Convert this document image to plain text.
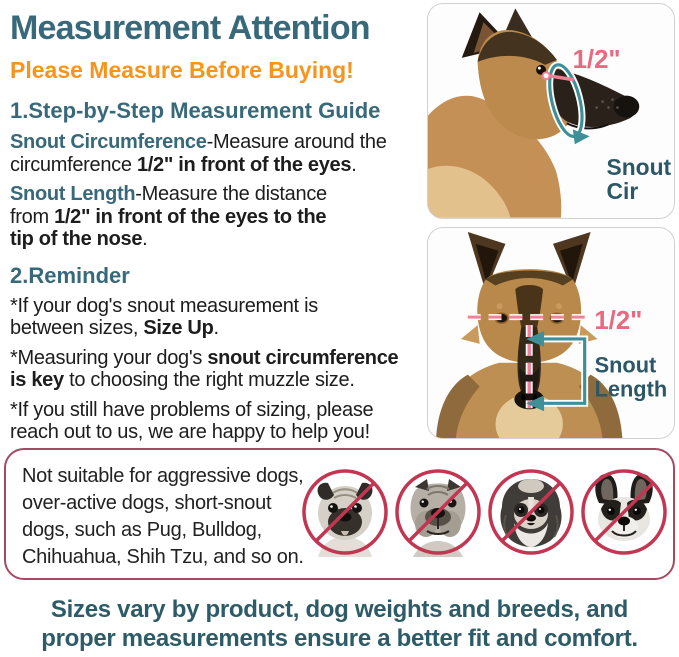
Measurement Attention
Please Measure Before Buying!
1.Step-by-Step Measurement Guide
Snout Circumference-Measure around the
circumference 1/2" in front of the eyes.
Snout Length-Measure the distance
from 1/2" in front of the eyes to the
tip of the nose.
2.Reminder
*If your dog's snout measurement is
between sizes, Size Up.
*Measuring your dog's snout circumference
is key to choosing the right muzzle size.
*If you still have problems of sizing, please
reach out to us, we are happy to help you!
1/2"
Snout
Cir
1/2"
Snout
Length
Not suitable for aggressive dogs,
over-active dogs, short-snout
dogs, such as Pug, Bulldog,
Chihuahua, Shih Tzu, and so on.
Sizes vary by product, dog weights and breeds, and
proper measurements ensure a better fit and comfort.
